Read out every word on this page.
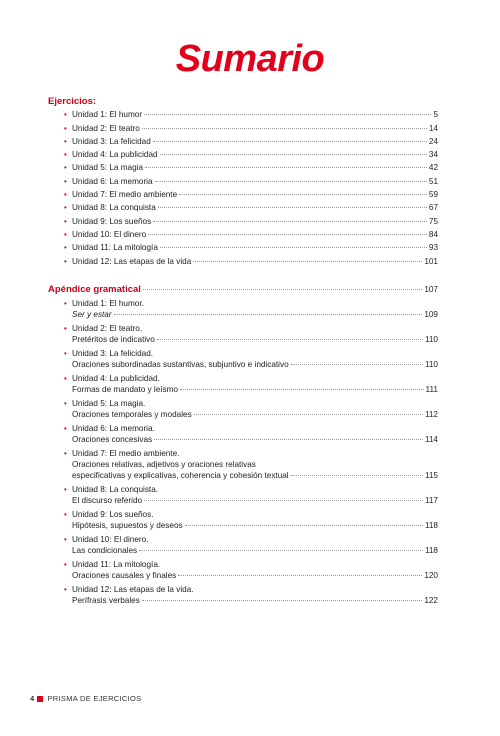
Sumario
Ejercicios:
• Unidad 1: El humor	5
• Unidad 2: El teatro	14
• Unidad 3: La felicidad	24
• Unidad 4: La publicidad	34
• Unidad 5: La magia	42
• Unidad 6: La memoria	51
• Unidad 7: El medio ambiente	59
• Unidad 8: La conquista	67
• Unidad 9: Los sueños	75
• Unidad 10: El dinero	84
• Unidad 11: La mitología	93
• Unidad 12: Las etapas de la vida	101
Apéndice gramatical	107
• Unidad 1: El humor.
Ser y estar	109
• Unidad 2: El teatro.
Pretéritos de indicativo	110
• Unidad 3: La felicidad.
Oraciones subordinadas sustantivas, subjuntivo e indicativo	110
• Unidad 4: La publicidad.
Formas de mandato y leísmo	111
• Unidad 5: La magia.
Oraciones temporales y modales	112
• Unidad 6: La memoria.
Oraciones concesivas	114
• Unidad 7: El medio ambiente.
Oraciones relativas, adjetivos y oraciones relativas
especificativas y explicativas, coherencia y cohesión textual	115
• Unidad 8: La conquista.
El discurso referido	117
• Unidad 9: Los sueños.
Hipótesis, supuestos y deseos	118
• Unidad 10: El dinero.
Las condicionales	118
• Unidad 11: La mitología.
Oraciones causales y finales	120
• Unidad 12: Las etapas de la vida.
Perífrasis verbales	122
4 PRISMA DE EJERCICIOS
